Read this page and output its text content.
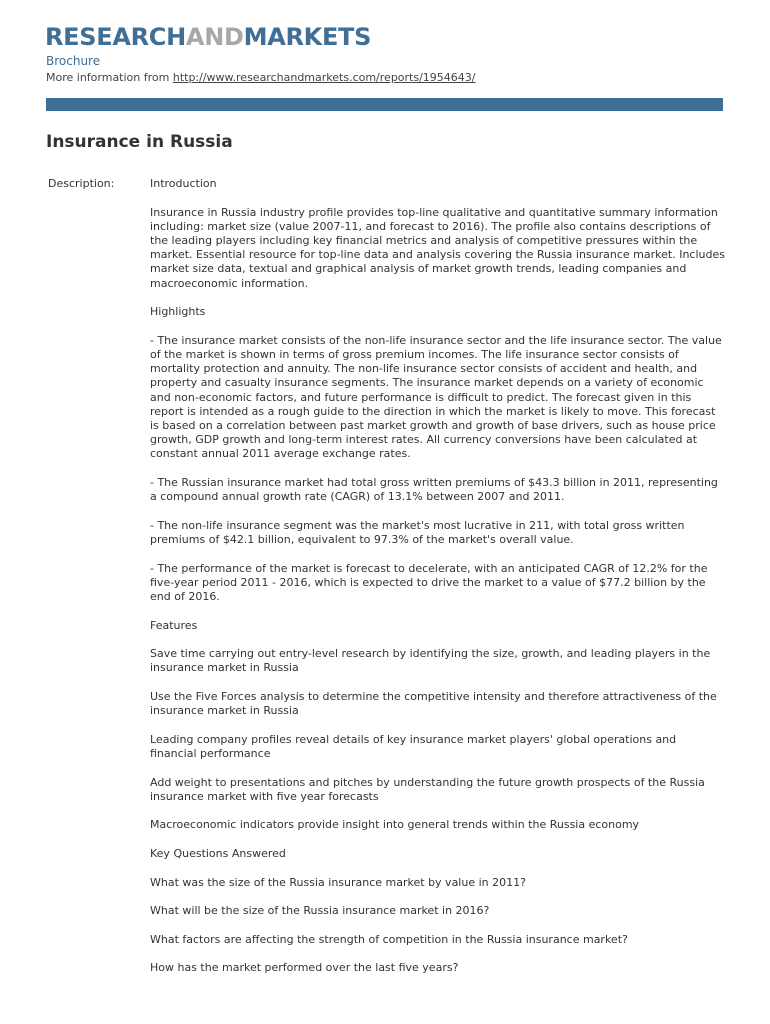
RESEARCHANDMARKETS
Brochure
More information from http://www.researchandmarkets.com/reports/1954643/
Insurance in Russia
Description:	Introduction

Insurance in Russia industry profile provides top-line qualitative and quantitative summary information including: market size (value 2007-11, and forecast to 2016). The profile also contains descriptions of the leading players including key financial metrics and analysis of competitive pressures within the market. Essential resource for top-line data and analysis covering the Russia insurance market. Includes market size data, textual and graphical analysis of market growth trends, leading companies and macroeconomic information.

Highlights

- The insurance market consists of the non-life insurance sector and the life insurance sector. The value of the market is shown in terms of gross premium incomes. The life insurance sector consists of mortality protection and annuity. The non-life insurance sector consists of accident and health, and property and casualty insurance segments. The insurance market depends on a variety of economic and non-economic factors, and future performance is difficult to predict. The forecast given in this report is intended as a rough guide to the direction in which the market is likely to move. This forecast is based on a correlation between past market growth and growth of base drivers, such as house price growth, GDP growth and long-term interest rates. All currency conversions have been calculated at constant annual 2011 average exchange rates.

- The Russian insurance market had total gross written premiums of $43.3 billion in 2011, representing a compound annual growth rate (CAGR) of 13.1% between 2007 and 2011.

- The non-life insurance segment was the market's most lucrative in 211, with total gross written premiums of $42.1 billion, equivalent to 97.3% of the market's overall value.

- The performance of the market is forecast to decelerate, with an anticipated CAGR of 12.2% for the five-year period 2011 - 2016, which is expected to drive the market to a value of $77.2 billion by the end of 2016.

Features

Save time carrying out entry-level research by identifying the size, growth, and leading players in the insurance market in Russia

Use the Five Forces analysis to determine the competitive intensity and therefore attractiveness of the insurance market in Russia

Leading company profiles reveal details of key insurance market players' global operations and financial performance

Add weight to presentations and pitches by understanding the future growth prospects of the Russia insurance market with five year forecasts

Macroeconomic indicators provide insight into general trends within the Russia economy

Key Questions Answered

What was the size of the Russia insurance market by value in 2011?

What will be the size of the Russia insurance market in 2016?

What factors are affecting the strength of competition in the Russia insurance market?

How has the market performed over the last five years?
